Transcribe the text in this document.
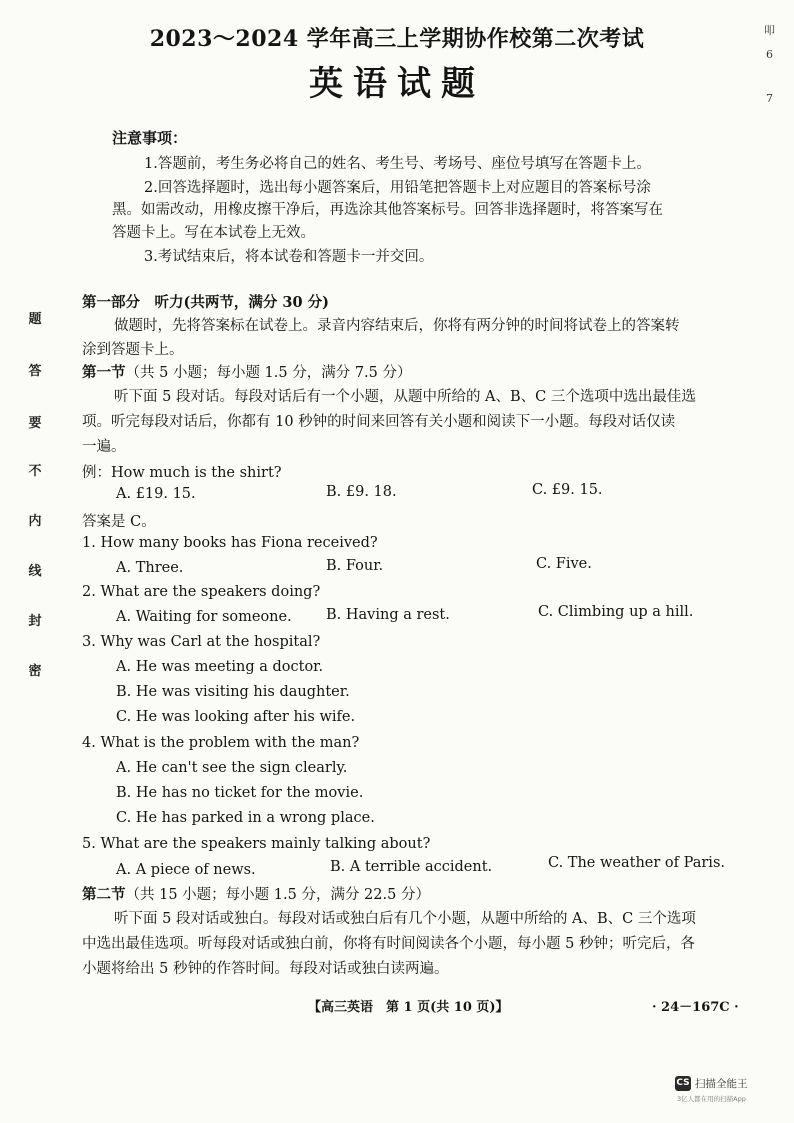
2023～2024 学年高三上学期协作校第二次考试
英语试题
叩
6
7
注意事项：
1.答题前，考生务必将自己的姓名、考生号、考场号、座位号填写在答题卡上。
2.回答选择题时，选出每小题答案后，用铅笔把答题卡上对应题目的答案标号涂
黑。如需改动，用橡皮擦干净后，再选涂其他答案标号。回答非选择题时，将答案写在
答题卡上。写在本试卷上无效。
3.考试结束后，将本试卷和答题卡一并交回。
题
答
要
不
内
线
封
密
第一部分　听力(共两节，满分 30 分)
做题时，先将答案标在试卷上。录音内容结束后，你将有两分钟的时间将试卷上的答案转
涂到答题卡上。
第一节（共 5 小题；每小题 1.5 分，满分 7.5 分）
听下面 5 段对话。每段对话后有一个小题，从题中所给的 A、B、C 三个选项中选出最佳选
项。听完每段对话后，你都有 10 秒钟的时间来回答有关小题和阅读下一小题。每段对话仅读
一遍。
例：How much is the shirt?
A. £19. 15.	B. £9. 18.	C. £9. 15.
答案是 C。
1. How many books has Fiona received?
A. Three.	B. Four.	C. Five.
2. What are the speakers doing?
A. Waiting for someone. B. Having a rest.	C. Climbing up a hill.
3. Why was Carl at the hospital?
A. He was meeting a doctor.
B. He was visiting his daughter.
C. He was looking after his wife.
4. What is the problem with the man?
A. He can't see the sign clearly.
B. He has no ticket for the movie.
C. He has parked in a wrong place.
5. What are the speakers mainly talking about?
A. A piece of news.	B. A terrible accident.	C. The weather of Paris.
第二节（共 15 小题；每小题 1.5 分，满分 22.5 分）
听下面 5 段对话或独白。每段对话或独白后有几个小题，从题中所给的 A、B、C 三个选项
中选出最佳选项。听每段对话或独白前，你将有时间阅读各个小题，每小题 5 秒钟；听完后，各
小题将给出 5 秒钟的作答时间。每段对话或独白读两遍。
【高三英语　第 1 页(共 10 页)】	· 24－167C ·
CS 扫描全能王
3亿人都在用的扫描App
